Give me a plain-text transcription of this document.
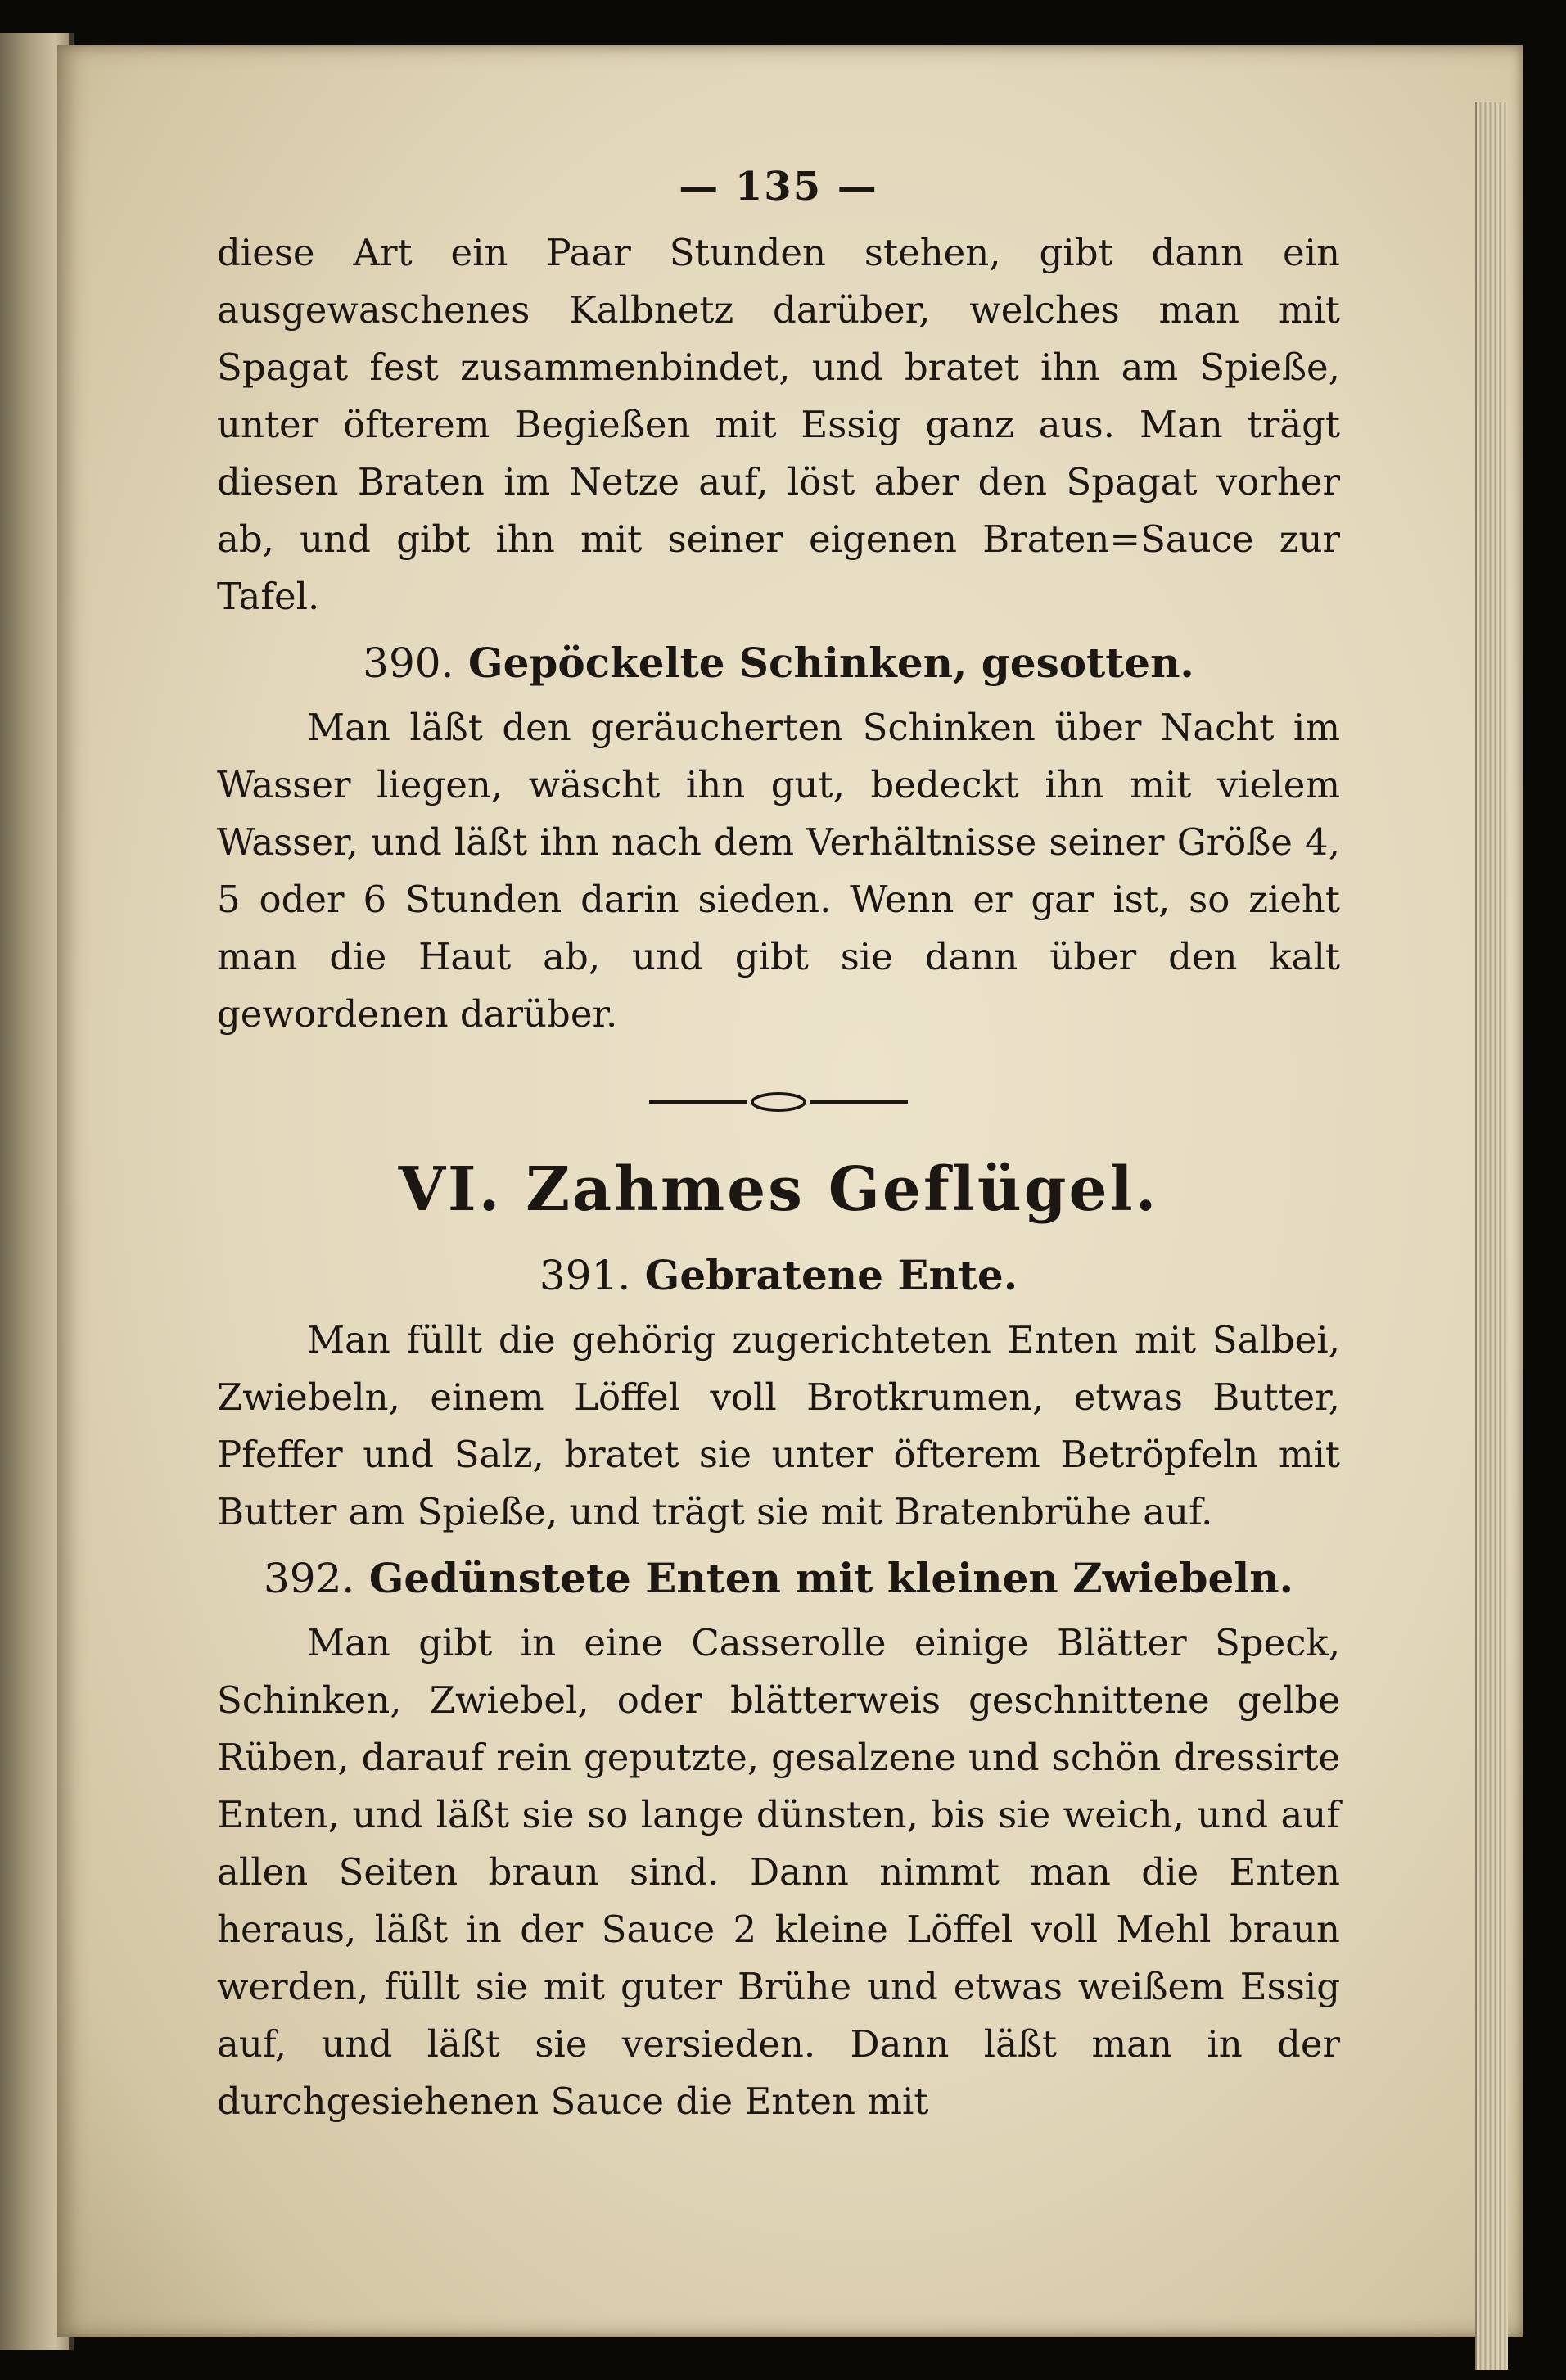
— 135 —

diese Art ein Paar Stunden stehen, gibt dann ein ausgewaschenes Kalbnetz darüber, welches man mit Spagat fest zusammenbindet, und bratet ihn am Spieße, unter öfterem Begießen mit Essig ganz aus. Man trägt diesen Braten im Netze auf, löst aber den Spagat vorher ab, und gibt ihn mit seiner eigenen Braten=Sauce zur Tafel.

390. Gepöckelte Schinken, gesotten.

Man läßt den geräucherten Schinken über Nacht im Wasser liegen, wäscht ihn gut, bedeckt ihn mit vielem Wasser, und läßt ihn nach dem Verhältnisse seiner Größe 4, 5 oder 6 Stunden darin sieden. Wenn er gar ist, so zieht man die Haut ab, und gibt sie dann über den kalt gewordenen darüber.

VI. Zahmes Geflügel.
391. Gebratene Ente.

Man füllt die gehörig zugerichteten Enten mit Salbei, Zwiebeln, einem Löffel voll Brotkrumen, etwas Butter, Pfeffer und Salz, bratet sie unter öfterem Betröpfeln mit Butter am Spieße, und trägt sie mit Bratenbrühe auf.

392. Gedünstete Enten mit kleinen Zwiebeln.

Man gibt in eine Casserolle einige Blätter Speck, Schinken, Zwiebel, oder blätterweis geschnittene gelbe Rüben, darauf rein geputzte, gesalzene und schön dressirte Enten, und läßt sie so lange dünsten, bis sie weich, und auf allen Seiten braun sind. Dann nimmt man die Enten heraus, läßt in der Sauce 2 kleine Löffel voll Mehl braun werden, füllt sie mit guter Brühe und etwas weißem Essig auf, und läßt sie versieden. Dann läßt man in der durchgesiehenen Sauce die Enten mit
